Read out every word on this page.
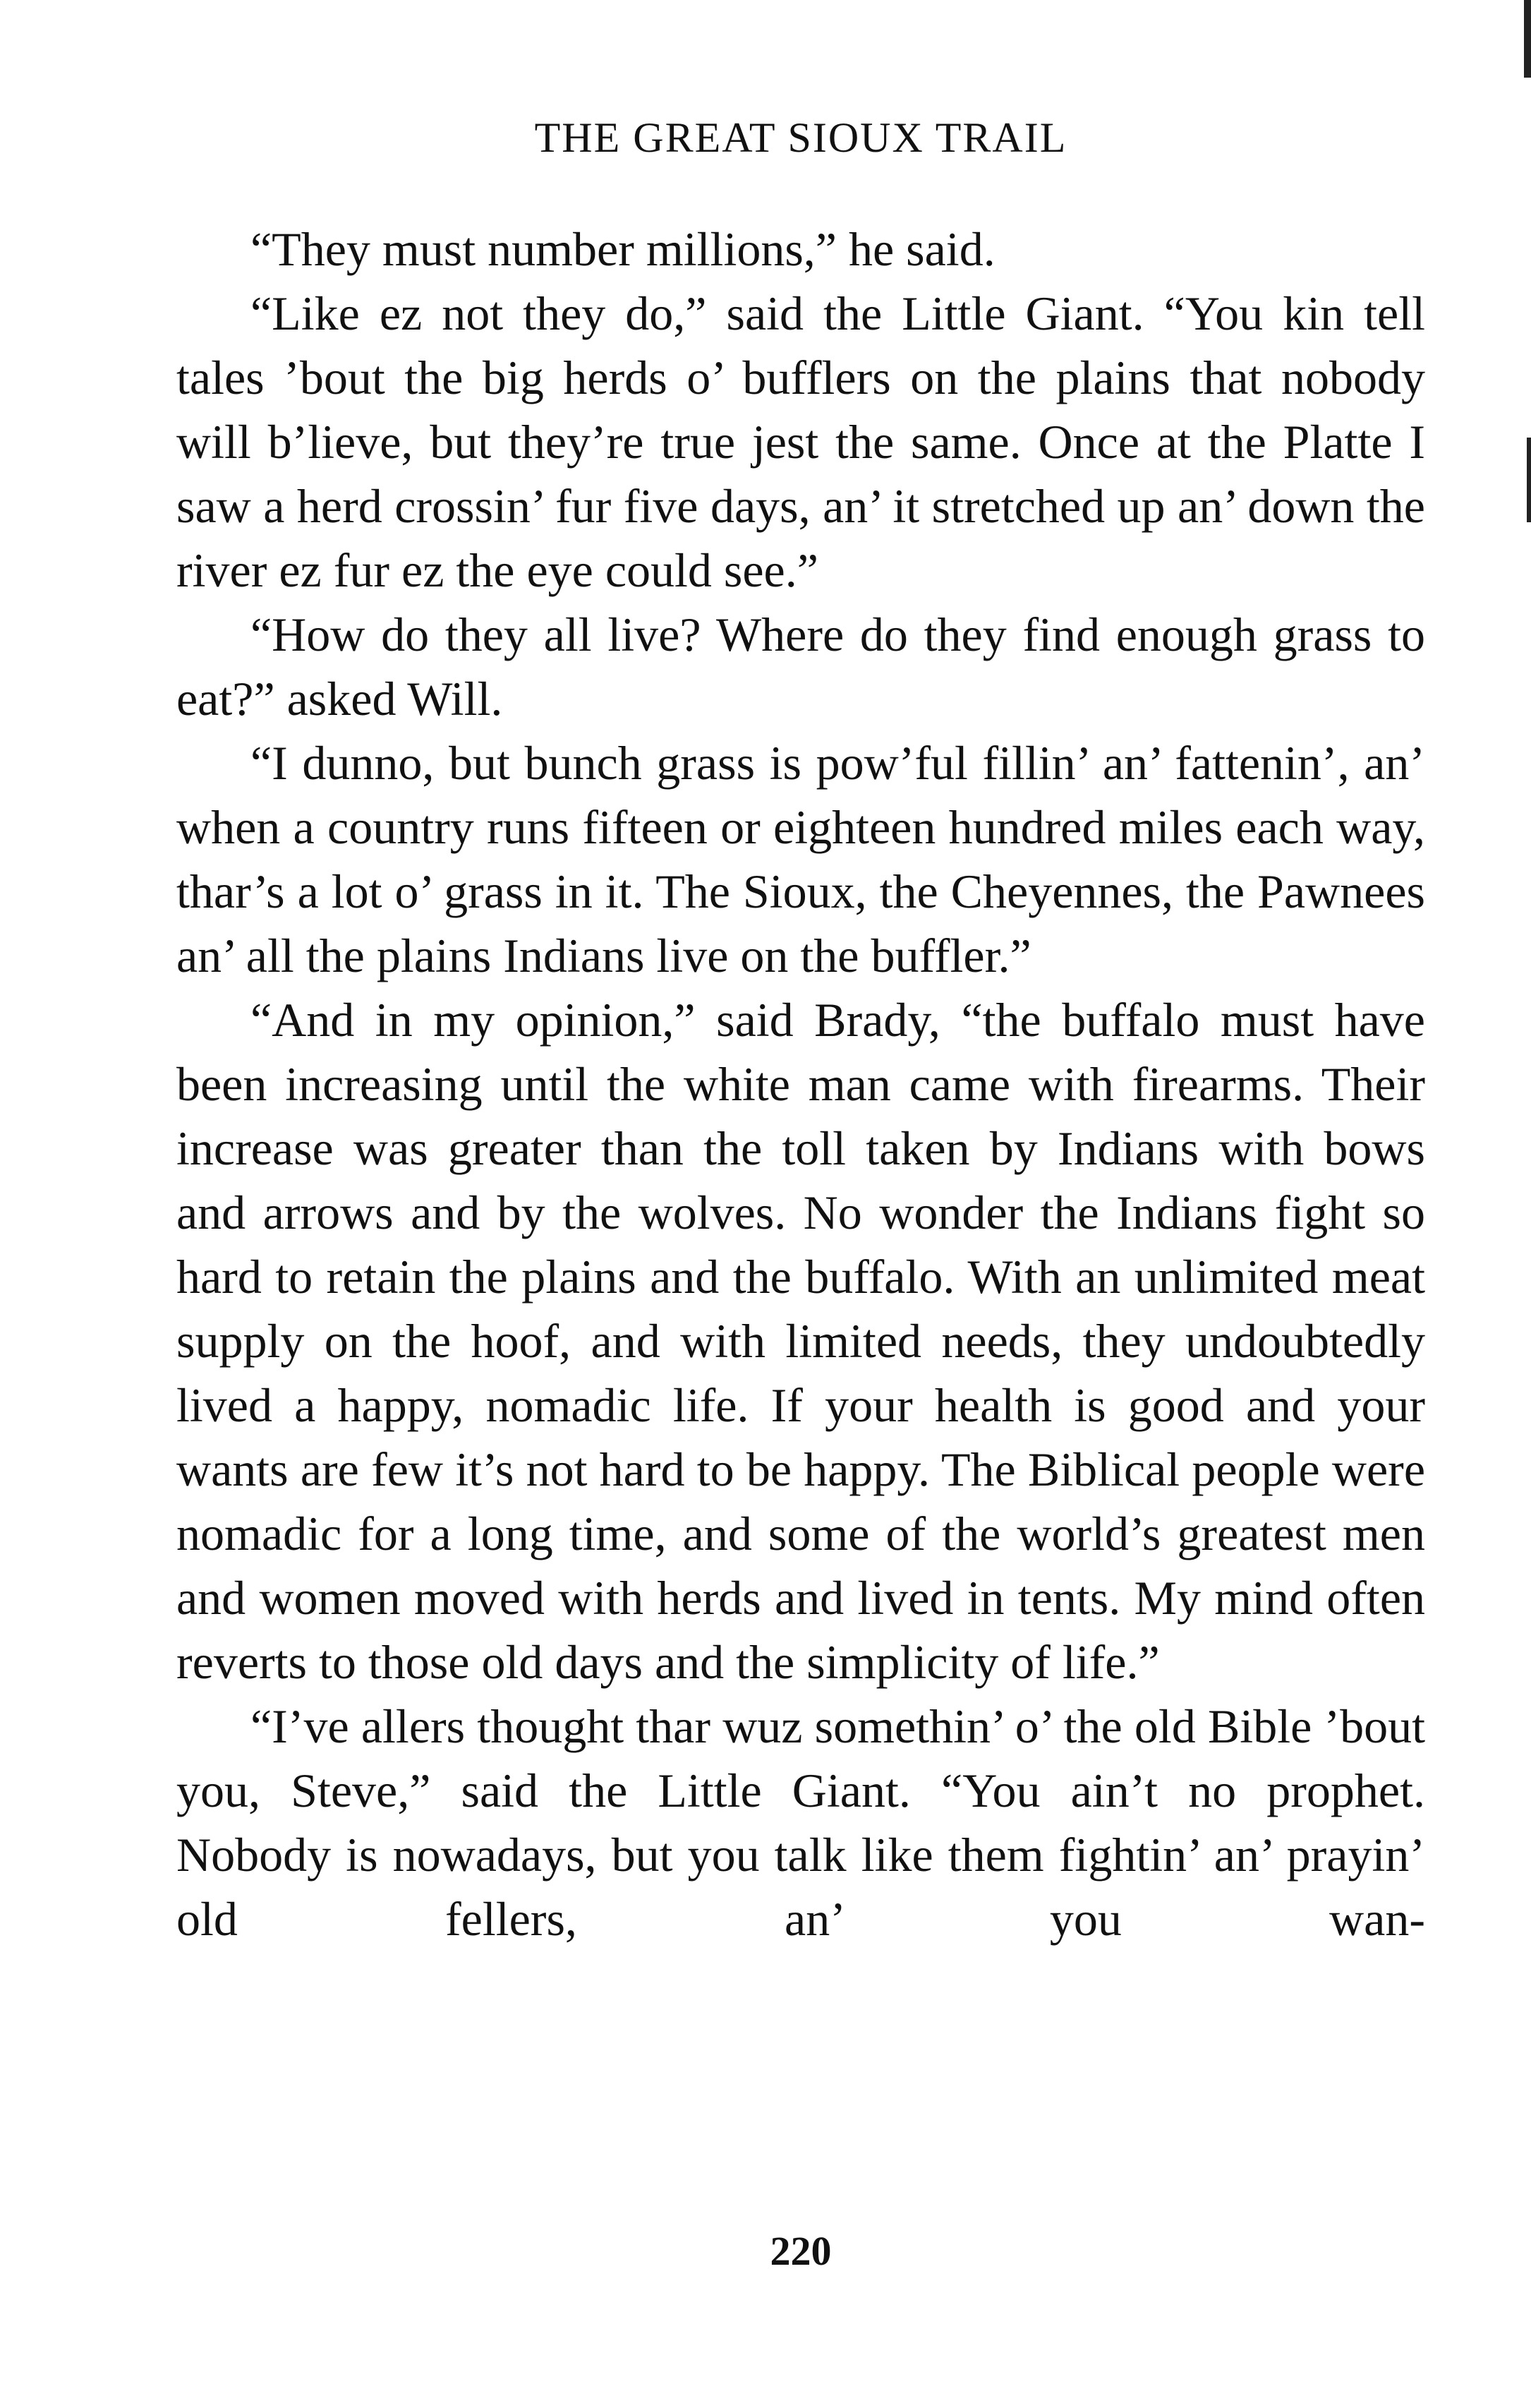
THE GREAT SIOUX TRAIL

“They must number millions,” he said.

“Like ez not they do,” said the Little Giant. “You kin tell tales ’bout the big herds o’ bufflers on the plains that nobody will b’lieve, but they’re true jest the same. Once at the Platte I saw a herd crossin’ fur five days, an’ it stretched up an’ down the river ez fur ez the eye could see.”

“How do they all live? Where do they find enough grass to eat?” asked Will.

“I dunno, but bunch grass is pow’ful fillin’ an’ fattenin’, an’ when a country runs fifteen or eighteen hundred miles each way, thar’s a lot o’ grass in it. The Sioux, the Cheyennes, the Pawnees an’ all the plains Indians live on the buffler.”

“And in my opinion,” said Brady, “the buffalo must have been increasing until the white man came with firearms. Their increase was greater than the toll taken by Indians with bows and arrows and by the wolves. No wonder the Indians fight so hard to retain the plains and the buffalo. With an unlimited meat supply on the hoof, and with limited needs, they undoubtedly lived a happy, nomadic life. If your health is good and your wants are few it’s not hard to be happy. The Biblical people were nomadic for a long time, and some of the world’s greatest men and women moved with herds and lived in tents. My mind often reverts to those old days and the simplicity of life.”

“I’ve allers thought thar wuz somethin’ o’ the old Bible ’bout you, Steve,” said the Little Giant. “You ain’t no prophet. Nobody is nowadays, but you talk like them fightin’ an’ prayin’ old fellers, an’ you wan-

220
